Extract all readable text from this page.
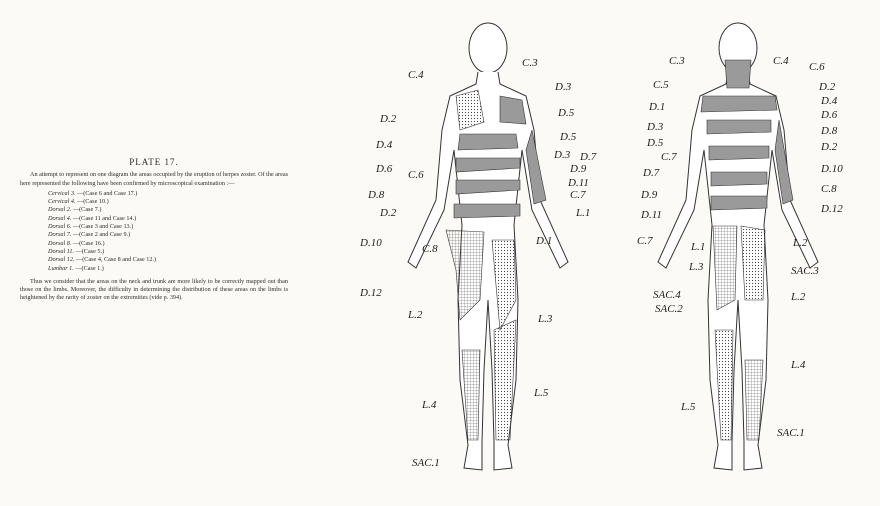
PLATE 17.

An attempt to represent on one diagram the areas occupied by the eruption of herpes zoster. Of the areas here represented the following have been confirmed by microscopical examination :—

Cervical 3. —(Case 6 and Case 17.)
Cervical 4. —(Case 10.)
Dorsal 2. —(Case 7.)
Dorsal 4. —(Case 11 and Case 14.)
Dorsal 6. —(Case 3 and Case 13.)
Dorsal 7. —(Case 2 and Case 9.)
Dorsal 8. —(Case 16.)
Dorsal 11. —(Case 5.)
Dorsal 12. —(Case 4, Case 8 and Case 12.)
Lumbar 1. —(Case 1.)

Thus we consider that the areas on the neck and trunk are more likely to be correctly mapped out than those on the limbs. Moreover, the difficulty in determining the distribution of these areas on the limbs is heightened by the rarity of zoster on the extremities (vide p. 394).

C.4
C.3
D.3
D.2	D.5
D.4
D.5
D.3 D.7
D.6 C.6	D.9
D.11
D.8	C.7
D.2	L.1
D.1
D.10	C.8
D.12
L.2	L.3
L.4
L.5
SAC.1
C.3	C.4 C.6
C.5	D.2
D.4
D.1
D.6
D.3	D.8
D.5	D.2
C.7
D.10
D.7
C.8
D.9
D.12
D.11
C.7	L.1	L.2
L.3	SAC.3
SAC.4
SAC.2
L.2
L.4
L.5
SAC.1
